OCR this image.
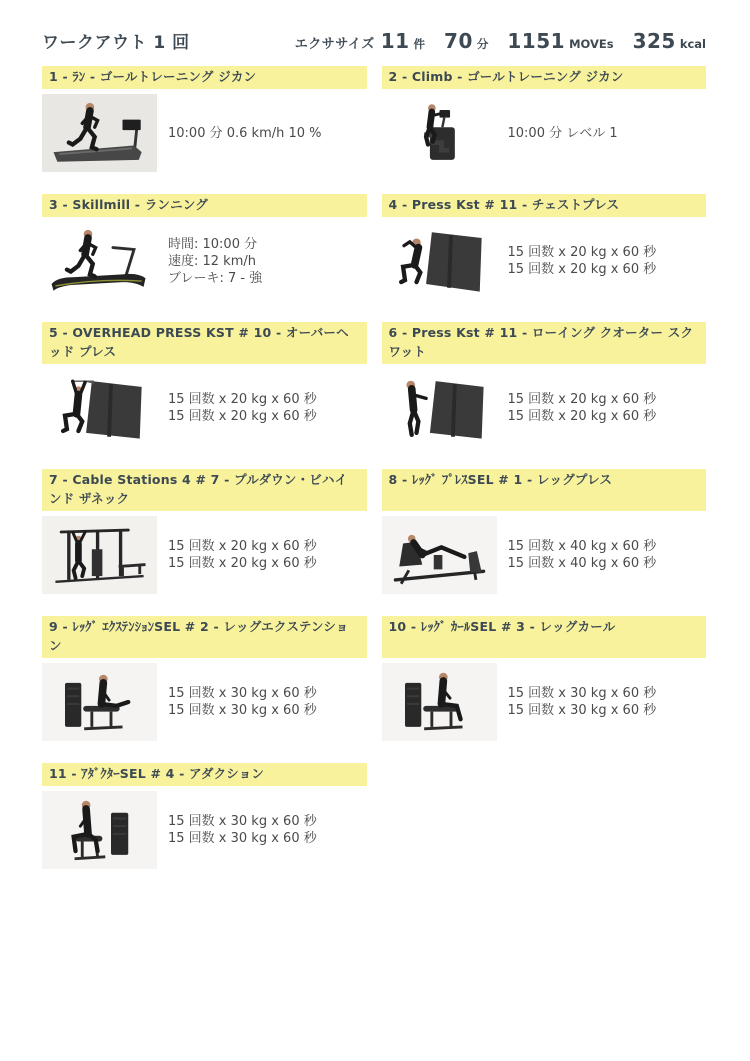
ワークアウト 1 回	エクササイズ 11 件 70 分 1151 MOVEs 325 kcal
1 - ﾗﾝ - ゴールトレーニング ジカン
10:00 分 0.6 km/h 10 %
2 - Climb - ゴールトレーニング ジカン
10:00 分 レベル 1
3 - Skillmill - ランニング
時間: 10:00 分
速度: 12 km/h
ブレーキ: 7 - 強
4 - Press Kst # 11 - チェストプレス
15 回数 x 20 kg x 60 秒
15 回数 x 20 kg x 60 秒
5 - OVERHEAD PRESS KST # 10 - オーバーヘッド プレス
15 回数 x 20 kg x 60 秒
15 回数 x 20 kg x 60 秒
6 - Press Kst # 11 - ローイング クオーター スクワット
15 回数 x 20 kg x 60 秒
15 回数 x 20 kg x 60 秒
7 - Cable Stations 4 # 7 - プルダウン・ビハインド ザネック
15 回数 x 20 kg x 60 秒
15 回数 x 20 kg x 60 秒
8 - ﾚｯｸﾞ ﾌﾟﾚｽSEL # 1 - レッグプレス
15 回数 x 40 kg x 60 秒
15 回数 x 40 kg x 60 秒
9 - ﾚｯｸﾞ ｴｸｽﾃﾝｼｮﾝSEL # 2 - レッグエクステンション
15 回数 x 30 kg x 60 秒
15 回数 x 30 kg x 60 秒
10 - ﾚｯｸﾞ ｶｰﾙSEL # 3 - レッグカール
15 回数 x 30 kg x 60 秒
15 回数 x 30 kg x 60 秒
11 - ｱﾀﾞｸﾀｰSEL # 4 - アダクション
15 回数 x 30 kg x 60 秒
15 回数 x 30 kg x 60 秒
